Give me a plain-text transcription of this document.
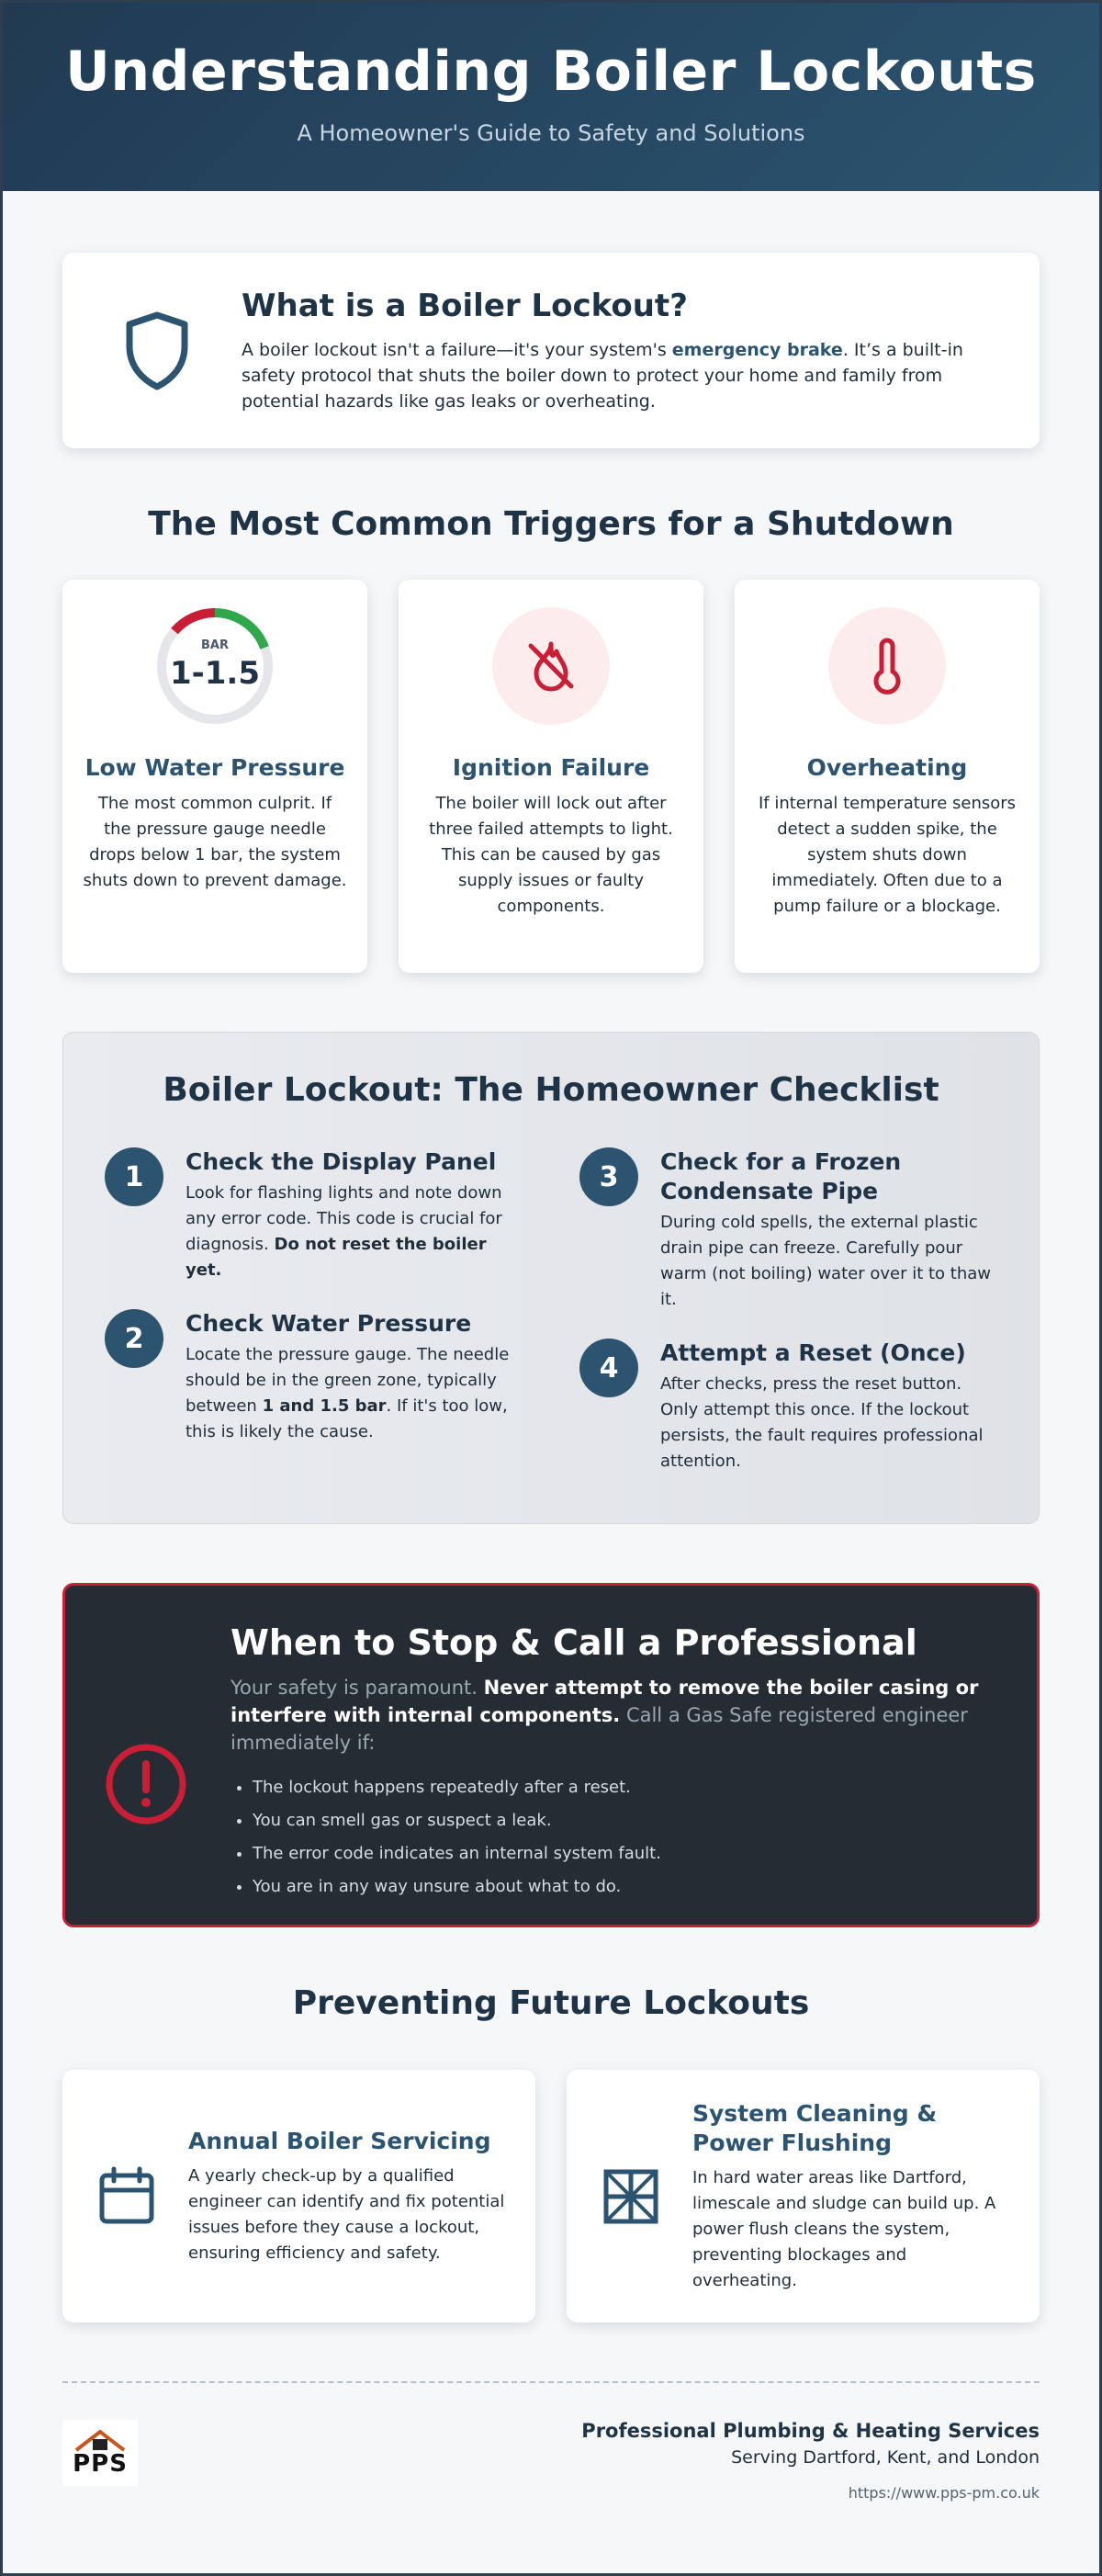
Understanding Boiler Lockouts

A Homeowner's Guide to Safety and Solutions

What is a Boiler Lockout?

A boiler lockout isn't a failure—it's your system's emergency brake. It’s a built-in safety protocol that shuts the boiler down to protect your home and family from potential hazards like gas leaks or overheating.

The Most Common Triggers for a Shutdown
BAR
1-1.5
Low Water Pressure

The most common culprit. If the pressure gauge needle drops below 1 bar, the system shuts down to prevent damage.

Ignition Failure

The boiler will lock out after three failed attempts to light. This can be caused by gas supply issues or faulty components.

Overheating

If internal temperature sensors detect a sudden spike, the system shuts down immediately. Often due to a pump failure or a blockage.

Boiler Lockout: The Homeowner Checklist
1	Check the Display Panel

Look for flashing lights and note down any error code. This code is crucial for diagnosis. Do not reset the boiler yet.

2	Check Water Pressure

Locate the pressure gauge. The needle should be in the green zone, typically between 1 and 1.5 bar. If it's too low, this is likely the cause.

3	Check for a Frozen Condensate Pipe

During cold spells, the external plastic drain pipe can freeze. Carefully pour warm (not boiling) water over it to thaw it.

4	Attempt a Reset (Once)

After checks, press the reset button. Only attempt this once. If the lockout persists, the fault requires professional attention.

When to Stop & Call a Professional

Your safety is paramount. Never attempt to remove the boiler casing or interfere with internal components. Call a Gas Safe registered engineer immediately if:

• The lockout happens repeatedly after a reset.
• You can smell gas or suspect a leak.
• The error code indicates an internal system fault.
• You are in any way unsure about what to do.
Preventing Future Lockouts
Annual Boiler Servicing

A yearly check-up by a qualified engineer can identify and fix potential issues before they cause a lockout, ensuring efficiency and safety.

System Cleaning & Power Flushing

In hard water areas like Dartford, limescale and sludge can build up. A power flush cleans the system, preventing blockages and overheating.

PPS
Professional Plumbing & Heating Services
Serving Dartford, Kent, and London
https://www.pps-pm.co.uk
